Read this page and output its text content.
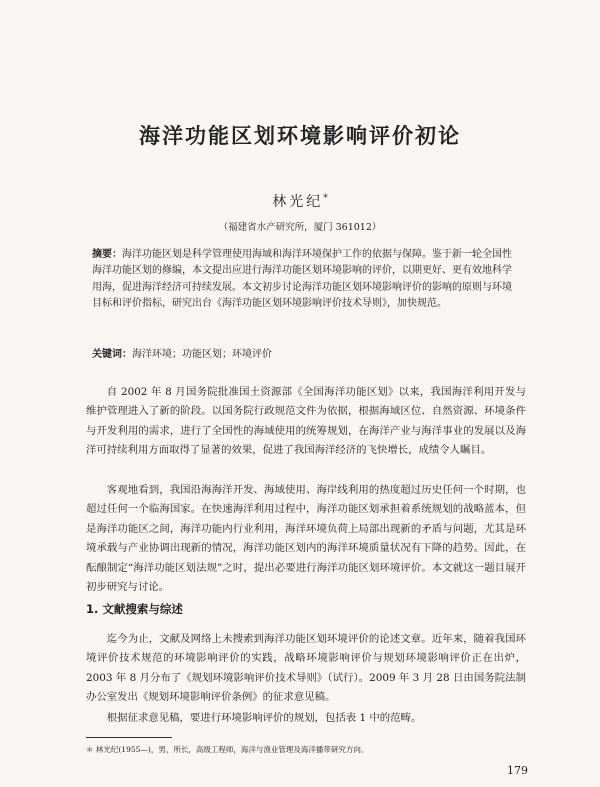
海洋功能区划环境影响评价初论
林光纪*
（福建省水产研究所，厦门 361012）
摘要：海洋功能区划是科学管理使用海域和海洋环境保护工作的依据与保障。鉴于新一轮全国性海洋功能区划的修编，本文提出应进行海洋功能区划环境影响的评价，以期更好、更有效地科学用海，促进海洋经济可持续发展。本文初步讨论海洋功能区划环境影响评价的影响的原则与环境目标和评价指标，研究出台《海洋功能区划环境影响评价技术导则》，加快规范。
关键词：海洋环境；功能区划；环境评价

自 2002 年 8 月国务院批准国土资源部《全国海洋功能区划》以来，我国海洋利用开发与维护管理进入了新的阶段。以国务院行政规范文件为依据，根据海域区位、自然资源、环境条件与开发利用的需求，进行了全国性的海域使用的统筹规划，在海洋产业与海洋事业的发展以及海洋可持续利用方面取得了显著的效果，促进了我国海洋经济的飞快增长，成绩令人瞩目。

客观地看到，我国沿海海洋开发、海域使用、海岸线利用的热度超过历史任何一个时期，也超过任何一个临海国家。在快速海洋利用过程中，海洋功能区划承担着系统规划的战略蓝本，但是海洋功能区之间，海洋功能内行业利用，海洋环境负荷上局部出现新的矛盾与问题，尤其是环境承载与产业协调出现新的情况，海洋功能区划内的海洋环境质量状况有下降的趋势。因此，在酝酿制定“海洋功能区划法规”之时，提出必要进行海洋功能区划环境评价。本文就这一题目展开初步研究与讨论。

1. 文献搜索与综述

迄今为止，文献及网络上未搜索到海洋功能区划环境评价的论述文章。近年来，随着我国环境评价技术规范的环境影响评价的实践，战略环境影响评价与规划环境影响评价正在出炉，2003 年 8 月分布了《规划环境影响评价技术导则》（试行）。2009 年 3 月 28 日由国务院法制办公室发出《规划环境影响评价条例》的征求意见稿。

根据征求意见稿，要进行环境影响评价的规划，包括表 1 中的范畴。

＊ 林光纪(1955—)，男，所长，高级工程师，海洋与渔业管理及海洋播带研究方向。
179
